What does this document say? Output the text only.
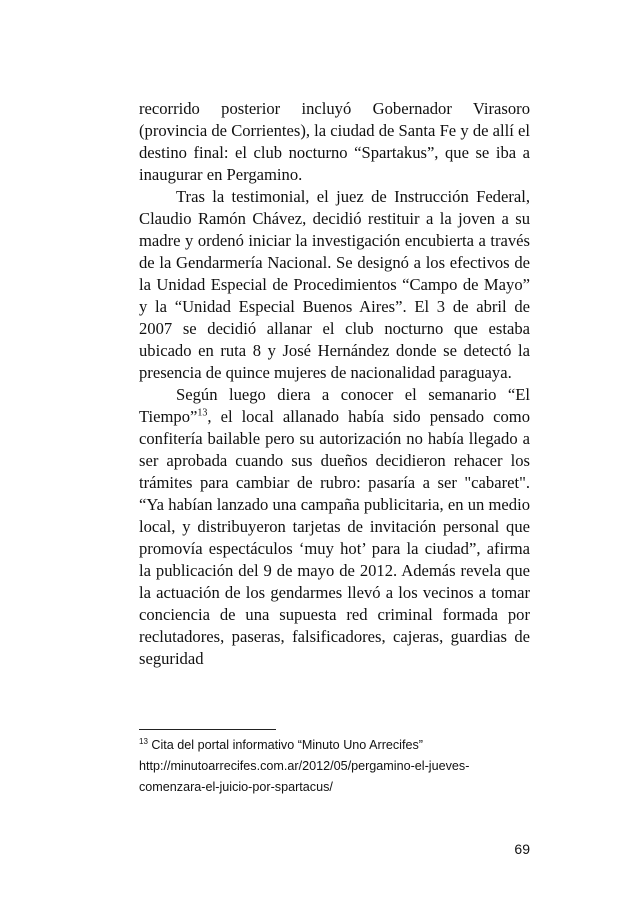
recorrido posterior incluyó Gobernador Virasoro (provincia de Corrientes), la ciudad de Santa Fe y de allí el destino final: el club nocturno “Spartakus”, que se iba a inaugurar en Pergamino.

Tras la testimonial, el juez de Instrucción Federal, Claudio Ramón Chávez, decidió restituir a la joven a su madre y ordenó iniciar la investigación encubierta a través de la Gendarmería Nacional. Se designó a los efectivos de la Unidad Especial de Procedimientos “Campo de Mayo” y la “Unidad Especial Buenos Aires”. El 3 de abril de 2007 se decidió allanar el club nocturno que estaba ubicado en ruta 8 y José Hernández donde se detectó la presencia de quince mujeres de nacionalidad paraguaya.

Según luego diera a conocer el semanario “El Tiempo”$^{13}$, el local allanado había sido pensado como confitería bailable pero su autorización no había llegado a ser aprobada cuando sus dueños decidieron rehacer los trámites para cambiar de rubro: pasaría a ser "cabaret". “Ya habían lanzado una campaña publicitaria, en un medio local, y distribuyeron tarjetas de invitación personal que promovía espectáculos ‘muy hot’ para la ciudad”, afirma la publicación del 9 de mayo de 2012. Además revela que la actuación de los gendarmes llevó a los vecinos a tomar conciencia de una supuesta red criminal formada por reclutadores, paseras, falsificadores, cajeras, guardias de seguridad

$^{13}$ Cita del portal informativo “Minuto Uno Arrecifes”
http://minutoarrecifes.com.ar/2012/05/pergamino-el-jueves-
comenzara-el-juicio-por-spartacus/
69
